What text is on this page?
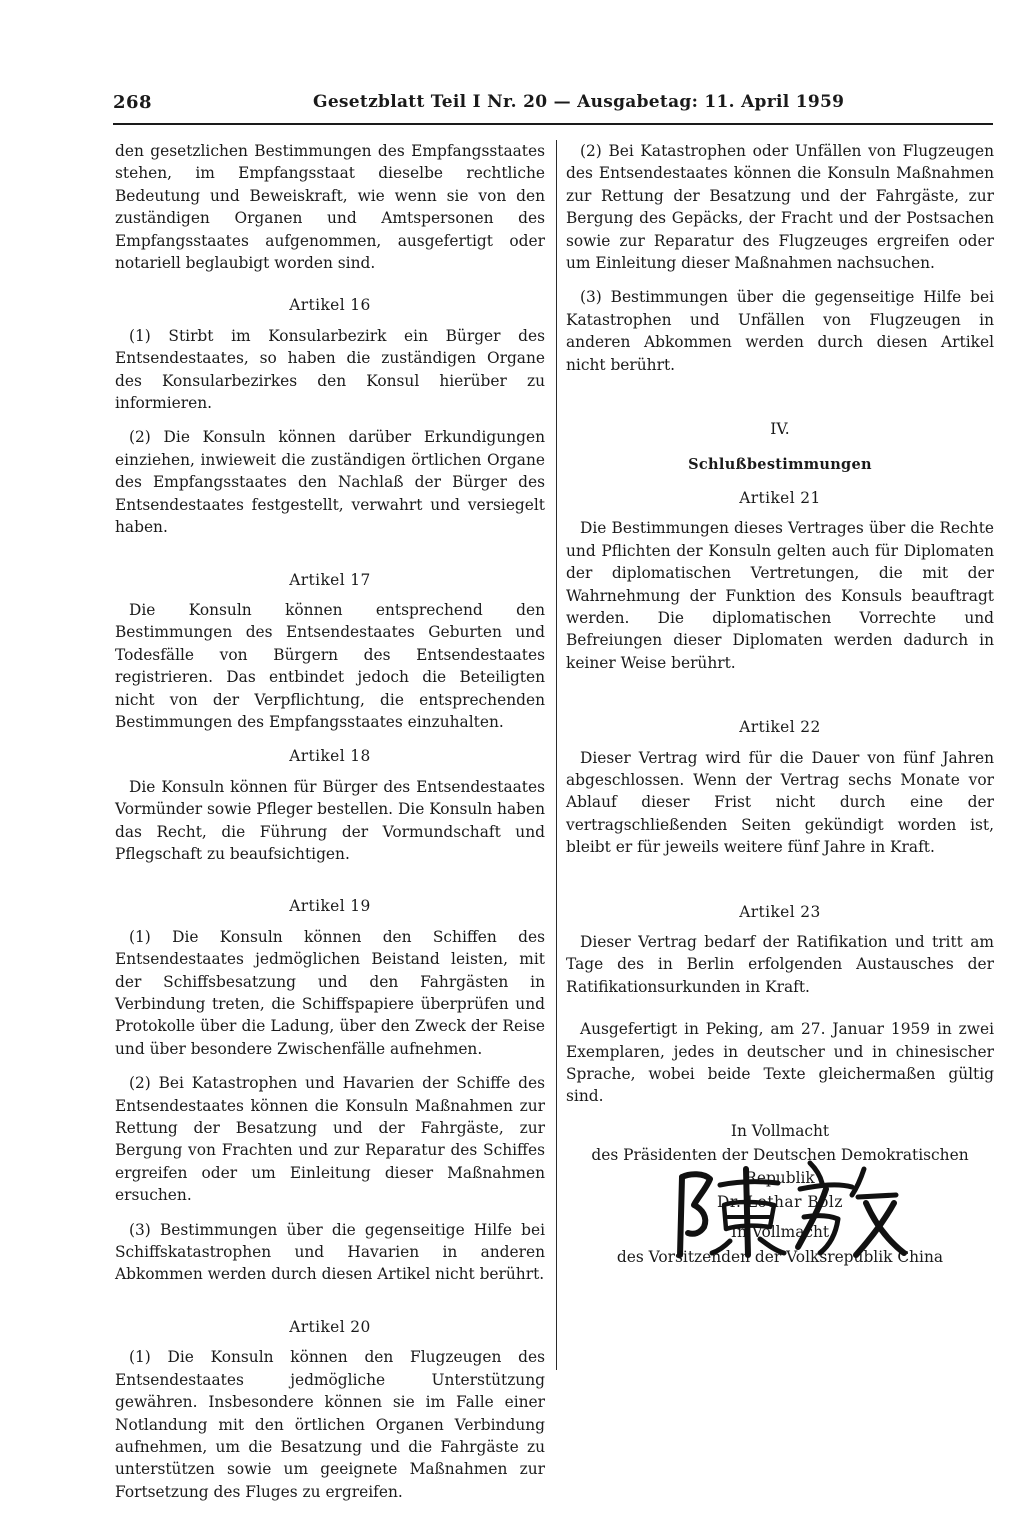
268	Gesetzblatt Teil I Nr. 20 — Ausgabetag: 11. April 1959

den gesetzlichen Bestimmungen des Empfangsstaates stehen, im Empfangsstaat dieselbe rechtliche Bedeutung und Beweiskraft, wie wenn sie von den zuständigen Organen und Amtspersonen des Empfangsstaates aufgenommen, ausgefertigt oder notariell beglaubigt worden sind.

Artikel 16

(1) Stirbt im Konsularbezirk ein Bürger des Entsendestaates, so haben die zuständigen Organe des Konsularbezirkes den Konsul hierüber zu informieren.

(2) Die Konsuln können darüber Erkundigungen einziehen, inwieweit die zuständigen örtlichen Organe des Empfangsstaates den Nachlaß der Bürger des Entsendestaates festgestellt, verwahrt und versiegelt haben.

Artikel 17

Die Konsuln können entsprechend den Bestimmungen des Entsendestaates Geburten und Todesfälle von Bürgern des Entsendestaates registrieren. Das entbindet jedoch die Beteiligten nicht von der Verpflichtung, die entsprechenden Bestimmungen des Empfangsstaates einzuhalten.

Artikel 18

Die Konsuln können für Bürger des Entsendestaates Vormünder sowie Pfleger bestellen. Die Konsuln haben das Recht, die Führung der Vormundschaft und Pflegschaft zu beaufsichtigen.

Artikel 19

(1) Die Konsuln können den Schiffen des Entsendestaates jedmöglichen Beistand leisten, mit der Schiffsbesatzung und den Fahrgästen in Verbindung treten, die Schiffspapiere überprüfen und Protokolle über die Ladung, über den Zweck der Reise und über besondere Zwischenfälle aufnehmen.

(2) Bei Katastrophen und Havarien der Schiffe des Entsendestaates können die Konsuln Maßnahmen zur Rettung der Besatzung und der Fahrgäste, zur Bergung von Frachten und zur Reparatur des Schiffes ergreifen oder um Einleitung dieser Maßnahmen ersuchen.

(3) Bestimmungen über die gegenseitige Hilfe bei Schiffskatastrophen und Havarien in anderen Abkommen werden durch diesen Artikel nicht berührt.

Artikel 20

(1) Die Konsuln können den Flugzeugen des Entsendestaates jedmögliche Unterstützung gewähren. Insbesondere können sie im Falle einer Notlandung mit den örtlichen Organen Verbindung aufnehmen, um die Besatzung und die Fahrgäste zu unterstützen sowie um geeignete Maßnahmen zur Fortsetzung des Fluges zu ergreifen.

(2) Bei Katastrophen oder Unfällen von Flugzeugen des Entsendestaates können die Konsuln Maßnahmen zur Rettung der Besatzung und der Fahrgäste, zur Bergung des Gepäcks, der Fracht und der Postsachen sowie zur Reparatur des Flugzeuges ergreifen oder um Einleitung dieser Maßnahmen nachsuchen.

(3) Bestimmungen über die gegenseitige Hilfe bei Katastrophen und Unfällen von Flugzeugen in anderen Abkommen werden durch diesen Artikel nicht berührt.

IV.
Schlußbestimmungen
Artikel 21

Die Bestimmungen dieses Vertrages über die Rechte und Pflichten der Konsuln gelten auch für Diplomaten der diplomatischen Vertretungen, die mit der Wahrnehmung der Funktion des Konsuls beauftragt werden. Die diplomatischen Vorrechte und Befreiungen dieser Diplomaten werden dadurch in keiner Weise berührt.

Artikel 22

Dieser Vertrag wird für die Dauer von fünf Jahren abgeschlossen. Wenn der Vertrag sechs Monate vor Ablauf dieser Frist nicht durch eine der vertragschließenden Seiten gekündigt worden ist, bleibt er für jeweils weitere fünf Jahre in Kraft.

Artikel 23

Dieser Vertrag bedarf der Ratifikation und tritt am Tage des in Berlin erfolgenden Austausches der Ratifikationsurkunden in Kraft.

Ausgefertigt in Peking, am 27. Januar 1959 in zwei Exemplaren, jedes in deutscher und in chinesischer Sprache, wobei beide Texte gleichermaßen gültig sind.

In Vollmacht
des Präsidenten der Deutschen Demokratischen Republik
Dr. Lothar Bolz
In Vollmacht
des Vorsitzenden der Volksrepublik China
